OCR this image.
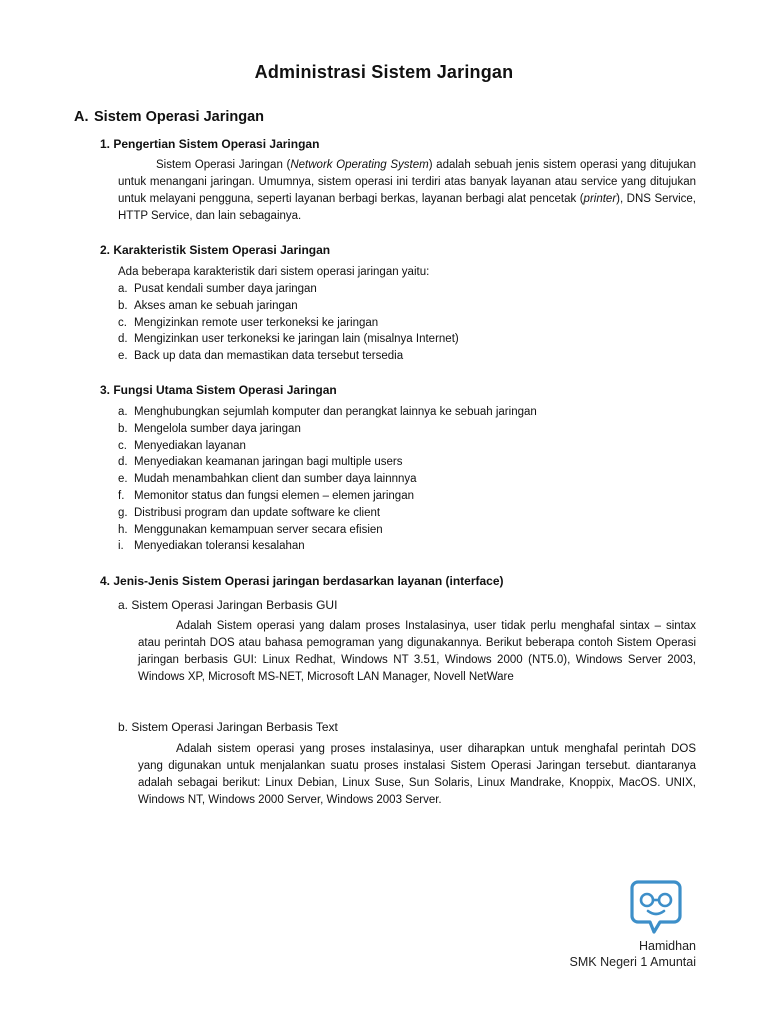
Administrasi Sistem Jaringan
A. Sistem Operasi Jaringan
1. Pengertian Sistem Operasi Jaringan

Sistem Operasi Jaringan (Network Operating System) adalah sebuah jenis sistem operasi yang ditujukan untuk menangani jaringan. Umumnya, sistem operasi ini terdiri atas banyak layanan atau service yang ditujukan untuk melayani pengguna, seperti layanan berbagi berkas, layanan berbagi alat pencetak (printer), DNS Service, HTTP Service, dan lain sebagainya.

2. Karakteristik Sistem Operasi Jaringan

Ada beberapa karakteristik dari sistem operasi jaringan yaitu:

a. Pusat kendali sumber daya jaringan
b. Akses aman ke sebuah jaringan
c. Mengizinkan remote user terkoneksi ke jaringan
d. Mengizinkan user terkoneksi ke jaringan lain (misalnya Internet)
e. Back up data dan memastikan data tersebut tersedia
3. Fungsi Utama Sistem Operasi Jaringan
a. Menghubungkan sejumlah komputer dan perangkat lainnya ke sebuah jaringan
b. Mengelola sumber daya jaringan
c. Menyediakan layanan
d. Menyediakan keamanan jaringan bagi multiple users
e. Mudah menambahkan client dan sumber daya lainnnya
f. Memonitor status dan fungsi elemen – elemen jaringan
g. Distribusi program dan update software ke client
h. Menggunakan kemampuan server secara efisien
i. Menyediakan toleransi kesalahan
4. Jenis-Jenis Sistem Operasi jaringan berdasarkan layanan (interface)
a. Sistem Operasi Jaringan Berbasis GUI

Adalah Sistem operasi yang dalam proses Instalasinya, user tidak perlu menghafal sintax – sintax atau perintah DOS atau bahasa pemograman yang digunakannya. Berikut beberapa contoh Sistem Operasi jaringan berbasis GUI: Linux Redhat, Windows NT 3.51, Windows 2000 (NT5.0), Windows Server 2003, Windows XP, Microsoft MS-NET, Microsoft LAN Manager, Novell NetWare

b. Sistem Operasi Jaringan Berbasis Text

Adalah sistem operasi yang proses instalasinya, user diharapkan untuk menghafal perintah DOS yang digunakan untuk menjalankan suatu proses instalasi Sistem Operasi Jaringan tersebut. diantaranya adalah sebagai berikut: Linux Debian, Linux Suse, Sun Solaris, Linux Mandrake, Knoppix, MacOS. UNIX, Windows NT, Windows 2000 Server, Windows 2003 Server.

Hamidhan
SMK Negeri 1 Amuntai
